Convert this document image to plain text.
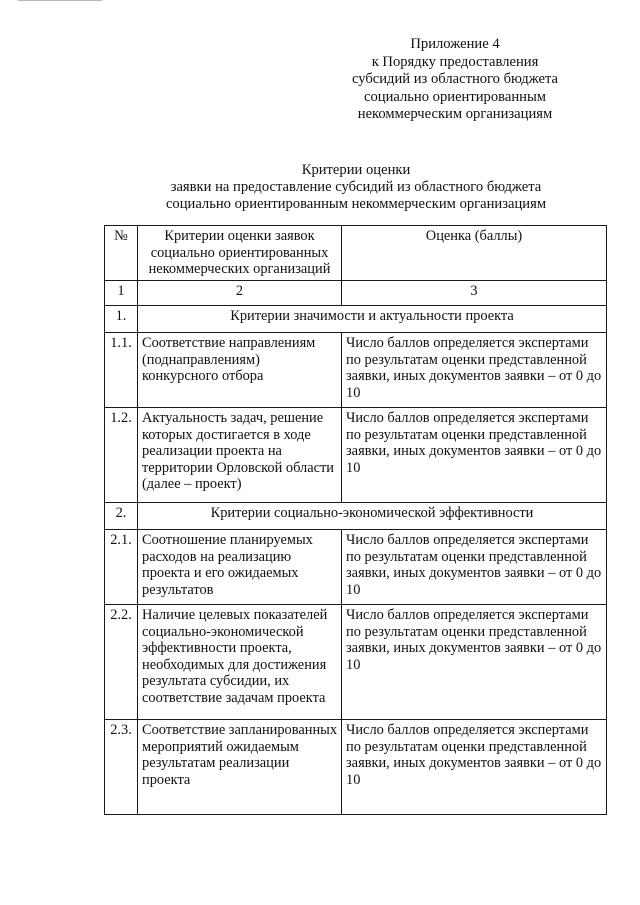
Приложение 4
к Порядку предоставления
субсидий из областного бюджета
социально ориентированным
некоммерческим организациям
Критерии оценки
заявки на предоставление субсидий из областного бюджета
социально ориентированным некоммерческим организациям
№	Критерии оценки заявок социально ориентированных некоммерческих организаций	Оценка (баллы)
1	2	3
1.	Критерии значимости и актуальности проекта	
1.1.	Соответствие направлениям (поднаправлениям) конкурсного отбора	Число баллов определяется экспертами по результатам оценки представленной заявки, иных документов заявки – от 0 до 10
1.2.	Актуальность задач, решение которых достигается в ходе реализации проекта на территории Орловской области (далее – проект)	Число баллов определяется экспертами по результатам оценки представленной заявки, иных документов заявки – от 0 до 10
2.	Критерии социально-экономической эффективности	
2.1.	Соотношение планируемых расходов на реализацию проекта и его ожидаемых результатов	Число баллов определяется экспертами по результатам оценки представленной заявки, иных документов заявки – от 0 до 10
2.2.	Наличие целевых показателей социально-экономической эффективности проекта, необходимых для достижения результата субсидии, их соответствие задачам проекта	Число баллов определяется экспертами по результатам оценки представленной заявки, иных документов заявки – от 0 до 10
2.3.	Соответствие запланированных мероприятий ожидаемым результатам реализации проекта	Число баллов определяется экспертами по результатам оценки представленной заявки, иных документов заявки – от 0 до 10
